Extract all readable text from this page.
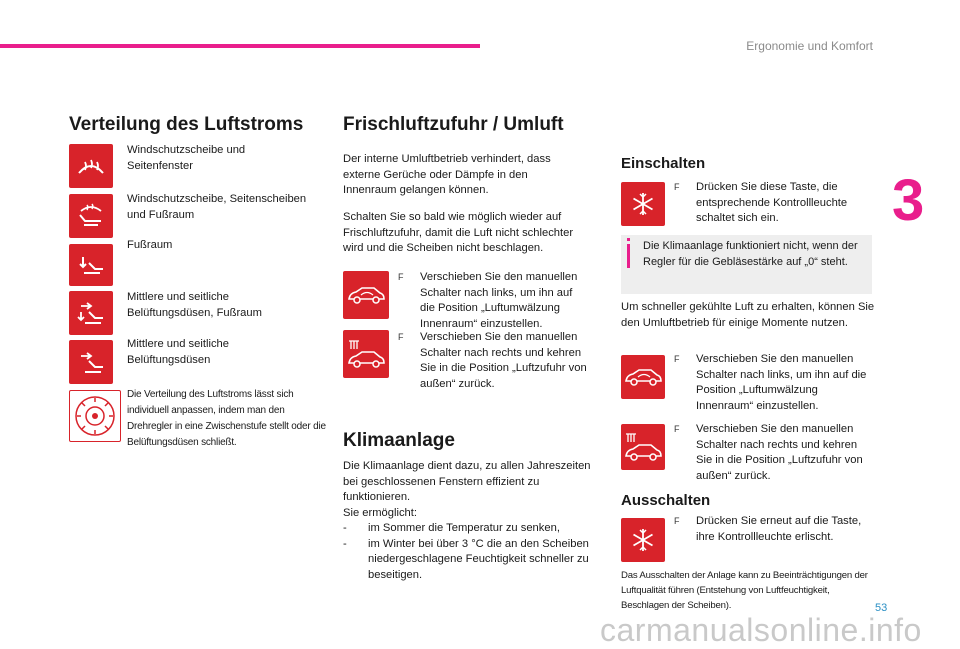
Ergonomie und Komfort
3
53
carmanualsonline.info
Verteilung des Luftstroms
Windschutzscheibe und Seitenfenster
Windschutzscheibe, Seitenscheiben und Fußraum
Fußraum
Mittlere und seitliche Belüftungsdüsen, Fußraum
Mittlere und seitliche Belüftungsdüsen
Die Verteilung des Luftstroms lässt sich individuell anpassen, indem man den Drehregler in eine Zwischenstufe stellt oder die Belüftungsdüsen schließt.
Frischluftzufuhr / Umluft
Der interne Umluftbetrieb verhindert, dass externe Gerüche oder Dämpfe in den Innenraum gelangen können.
Schalten Sie so bald wie möglich wieder auf Frischluftzufuhr, damit die Luft nicht schlechter wird und die Scheiben nicht beschlagen.
F	Verschieben Sie den manuellen Schalter nach links, um ihn auf die Position „Luftumwälzung Innenraum“ einzustellen.
F	Verschieben Sie den manuellen Schalter nach rechts und kehren Sie in die Position „Luftzufuhr von außen“ zurück.
Klimaanlage
Die Klimaanlage dient dazu, zu allen Jahreszeiten bei geschlossenen Fenstern effizient zu funktionieren.
Sie ermöglicht:
- im Sommer die Temperatur zu senken,
- im Winter bei über 3 °C die an den Scheiben niedergeschlagene Feuchtigkeit schneller zu beseitigen.
Einschalten
F	Drücken Sie diese Taste, die entsprechende Kontrollleuchte schaltet sich ein.
Die Klimaanlage funktioniert nicht, wenn der Regler für die Gebläsestärke auf „0“ steht.
Um schneller gekühlte Luft zu erhalten, können Sie den Umluftbetrieb für einige Momente nutzen.
F	Verschieben Sie den manuellen Schalter nach links, um ihn auf die Position „Luftumwälzung Innenraum“ einzustellen.
F	Verschieben Sie den manuellen Schalter nach rechts und kehren Sie in die Position „Luftzufuhr von außen“ zurück.
Ausschalten
F	Drücken Sie erneut auf die Taste, ihre Kontrollleuchte erlischt.
Das Ausschalten der Anlage kann zu Beeinträchtigungen der Luftqualität führen (Entstehung von Luftfeuchtigkeit, Beschlagen der Scheiben).
